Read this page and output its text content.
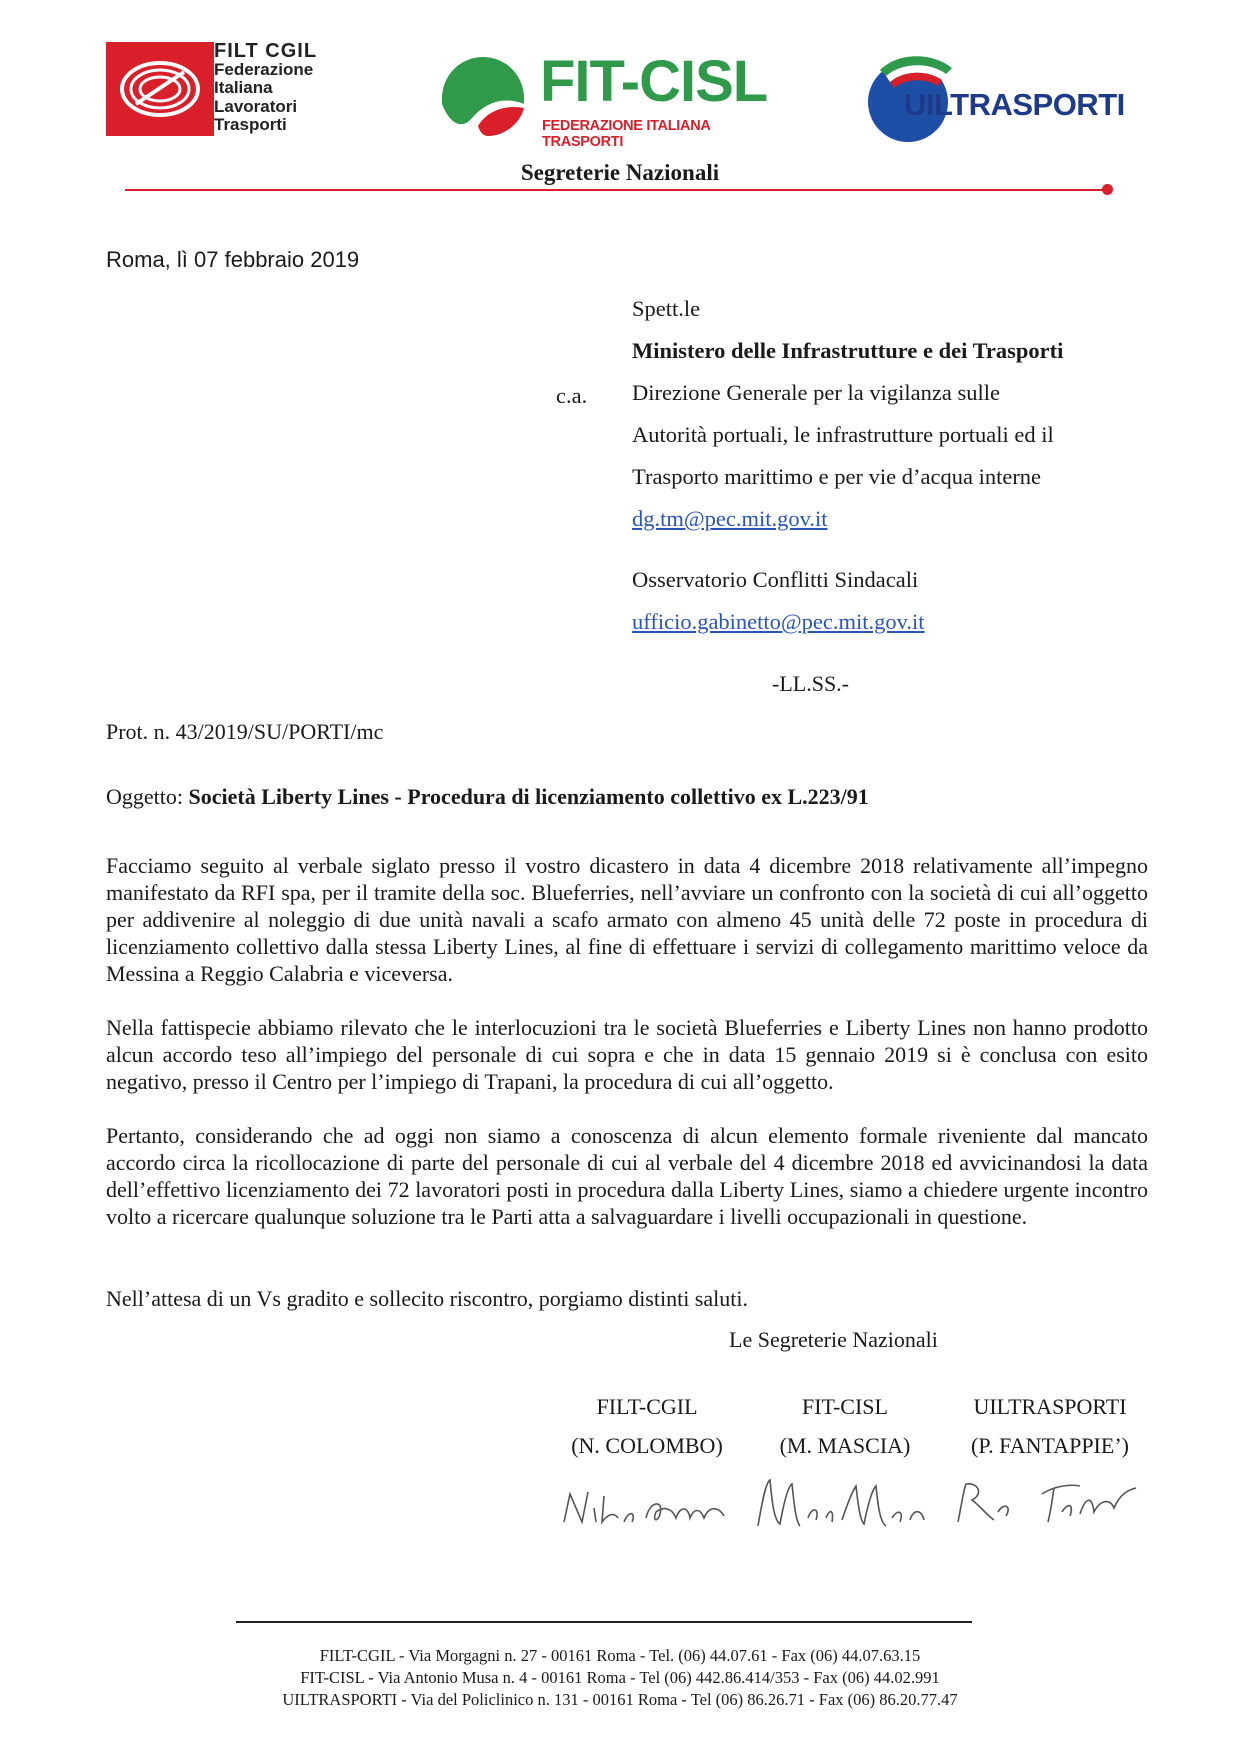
FILT CGIL
Federazione
Italiana
Lavoratori
Trasporti
FIT-CISL
FEDERAZIONE ITALIANA TRASPORTI
UILTRASPORTI
Segreterie Nazionali
Roma, lì 07 febbraio 2019
Spett.le
Ministero delle Infrastrutture e dei Trasporti
c.a. Direzione Generale per la vigilanza sulle
Autorità portuali, le infrastrutture portuali ed il
Trasporto marittimo e per vie d’acqua interne
dg.tm@pec.mit.gov.it
Osservatorio Conflitti Sindacali
ufficio.gabinetto@pec.mit.gov.it
-LL.SS.-
Prot. n. 43/2019/SU/PORTI/mc
Oggetto: Società Liberty Lines - Procedura di licenziamento collettivo ex L.223/91
Facciamo seguito al verbale siglato presso il vostro dicastero in data 4 dicembre 2018 relativamente all’impegno manifestato da RFI spa, per il tramite della soc. Blueferries, nell’avviare un confronto con la società di cui all’oggetto per addivenire al noleggio di due unità navali a scafo armato con almeno 45 unità delle 72 poste in procedura di licenziamento collettivo dalla stessa Liberty Lines, al fine di effettuare i servizi di collegamento marittimo veloce da Messina a Reggio Calabria e viceversa.
Nella fattispecie abbiamo rilevato che le interlocuzioni tra le società Blueferries e Liberty Lines non hanno prodotto alcun accordo teso all’impiego del personale di cui sopra e che in data 15 gennaio 2019 si è conclusa con esito negativo, presso il Centro per l’impiego di Trapani, la procedura di cui all’oggetto.
Pertanto, considerando che ad oggi non siamo a conoscenza di alcun elemento formale riveniente dal mancato accordo circa la ricollocazione di parte del personale di cui al verbale del 4 dicembre 2018 ed avvicinandosi la data dell’effettivo licenziamento dei 72 lavoratori posti in procedura dalla Liberty Lines, siamo a chiedere urgente incontro volto a ricercare qualunque soluzione tra le Parti atta a salvaguardare i livelli occupazionali in questione.
Nell’attesa di un Vs gradito e sollecito riscontro, porgiamo distinti saluti.
Le Segreterie Nazionali
FILT-CGIL
(N. COLOMBO)
FIT-CISL
(M. MASCIA)
UILTRASPORTI
(P. FANTAPPIE’)
FILT-CGIL - Via Morgagni n. 27 - 00161 Roma - Tel. (06) 44.07.61 - Fax (06) 44.07.63.15
FIT-CISL - Via Antonio Musa n. 4 - 00161 Roma - Tel (06) 442.86.414/353 - Fax (06) 44.02.991
UILTRASPORTI - Via del Policlinico n. 131 - 00161 Roma - Tel (06) 86.26.71 - Fax (06) 86.20.77.47
